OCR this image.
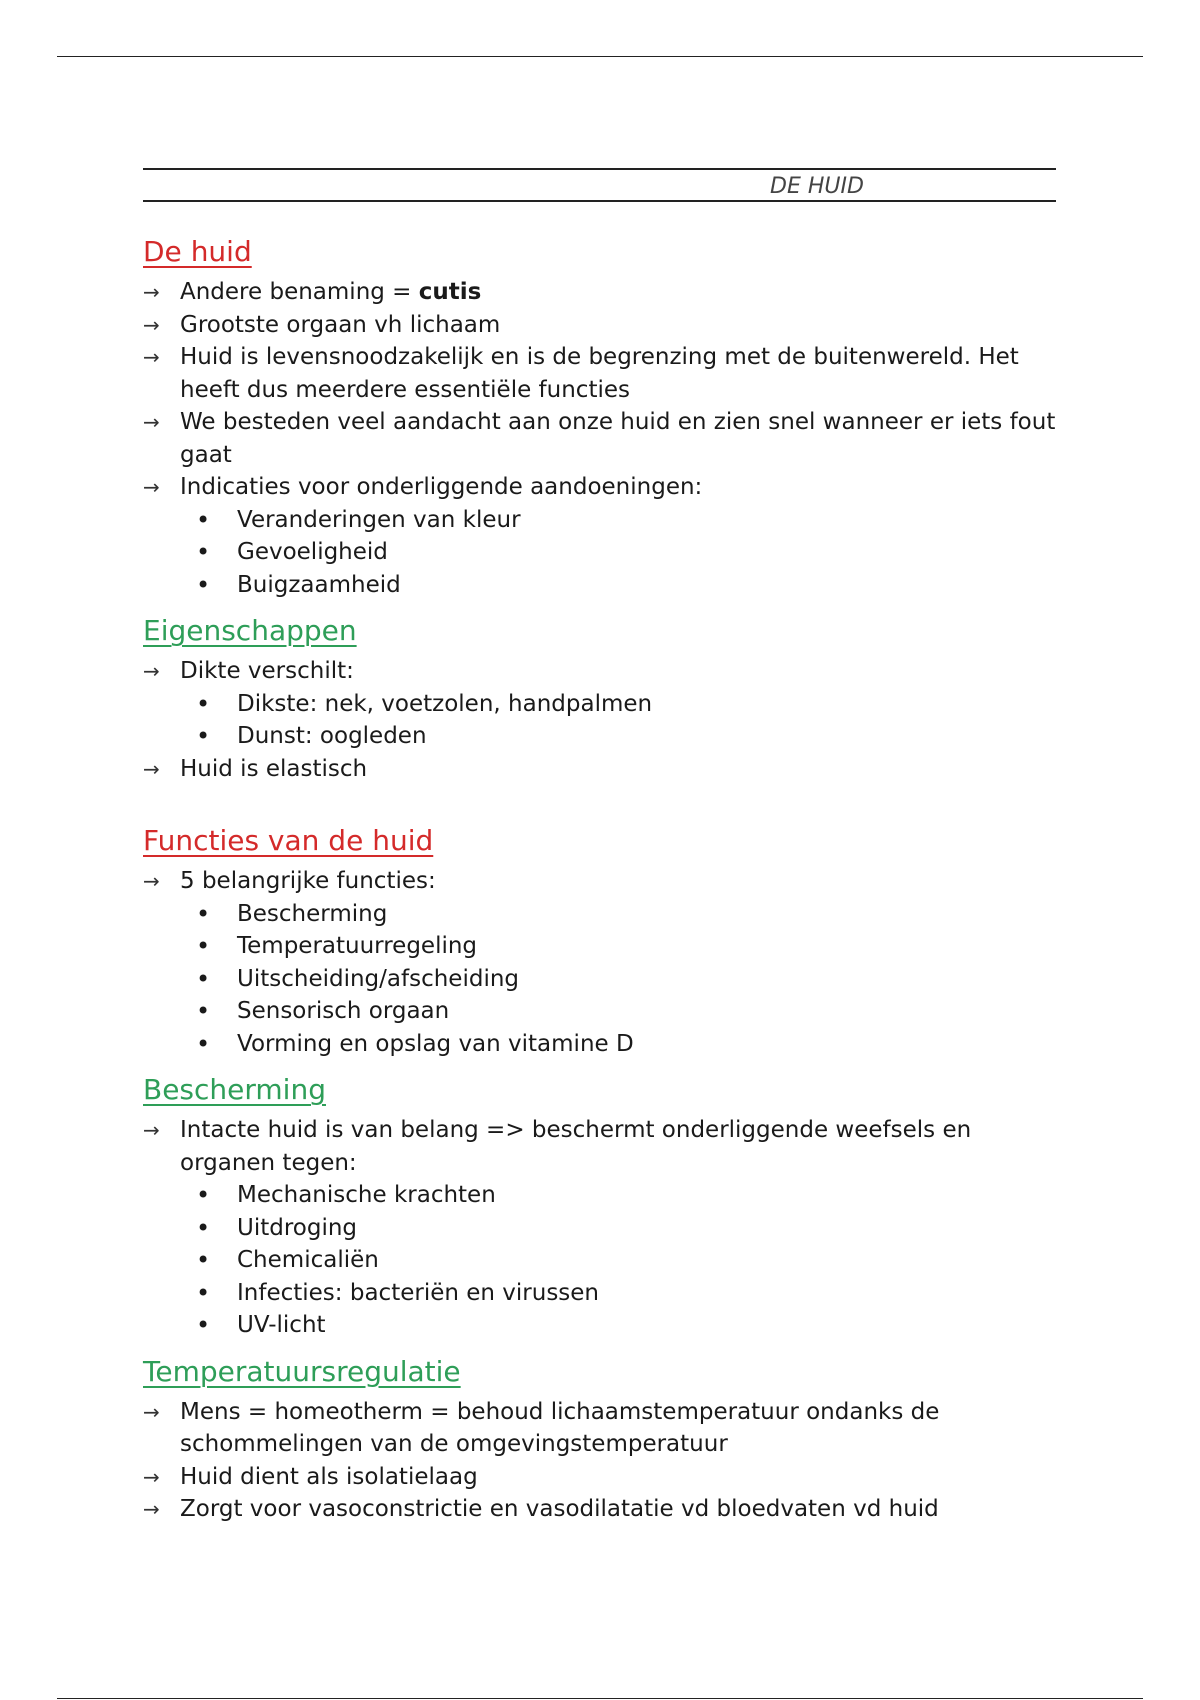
DE HUID
De huid
→ Andere benaming = cutis
→ Grootste orgaan vh lichaam
→ Huid is levensnoodzakelijk en is de begrenzing met de buitenwereld. Het heeft dus meerdere essentiële functies
→ We besteden veel aandacht aan onze huid en zien snel wanneer er iets fout gaat
→ Indicaties voor onderliggende aandoeningen:
• Veranderingen van kleur
• Gevoeligheid
• Buigzaamheid
Eigenschappen
→ Dikte verschilt:
• Dikste: nek, voetzolen, handpalmen
• Dunst: oogleden
→ Huid is elastisch
Functies van de huid
→ 5 belangrijke functies:
• Bescherming
• Temperatuurregeling
• Uitscheiding/afscheiding
• Sensorisch orgaan
• Vorming en opslag van vitamine D
Bescherming
→ Intacte huid is van belang => beschermt onderliggende weefsels en organen tegen:
• Mechanische krachten
• Uitdroging
• Chemicaliën
• Infecties: bacteriën en virussen
• UV-licht
Temperatuursregulatie
→ Mens = homeotherm = behoud lichaamstemperatuur ondanks de schommelingen van de omgevingstemperatuur
→ Huid dient als isolatielaag
→ Zorgt voor vasoconstrictie en vasodilatatie vd bloedvaten vd huid
